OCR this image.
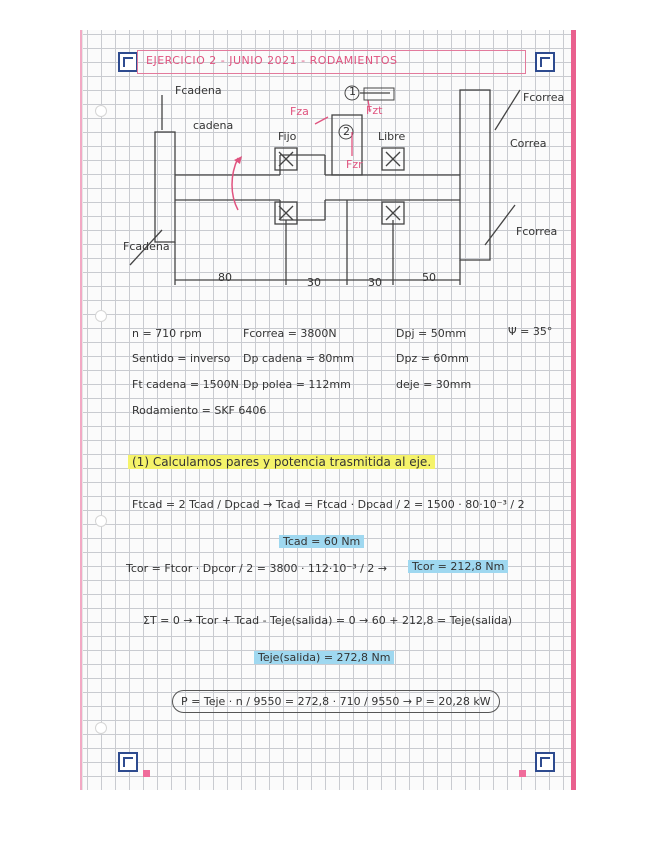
EJERCICIO 2 - JUNIO 2021 - RODAMIENTOS
Fcadena
cadena
Fcadena
Fcorrea
Correa
Fcorrea
Fijo	Libre
Fza	Fzt
Fzr
1
2
80	30	30	50
n = 710 rpm	Fcorrea = 3800N	Dpj = 50mm	Ψ = 35°
Sentido = inverso Dp cadena = 80mm	Dpz = 60mm
Ft cadena = 1500N Dp polea = 112mm	deje = 30mm
Rodamiento = SKF 6406
(1) Calculamos pares y potencia trasmitida al eje.
Ftcad = 2 Tcad / Dpcad → Tcad = Ftcad · Dpcad / 2 = 1500 · 80·10⁻³ / 2
Tcad = 60 Nm
Tcor = Ftcor · Dpcor / 2 = 3800 · 112·10⁻³ / 2 →	Tcor = 212,8 Nm
ΣT = 0 → Tcor + Tcad - Teje(salida) = 0 → 60 + 212,8 = Teje(salida)
Teje(salida) = 272,8 Nm
P = Teje · n / 9550 = 272,8 · 710 / 9550 → P = 20,28 kW
